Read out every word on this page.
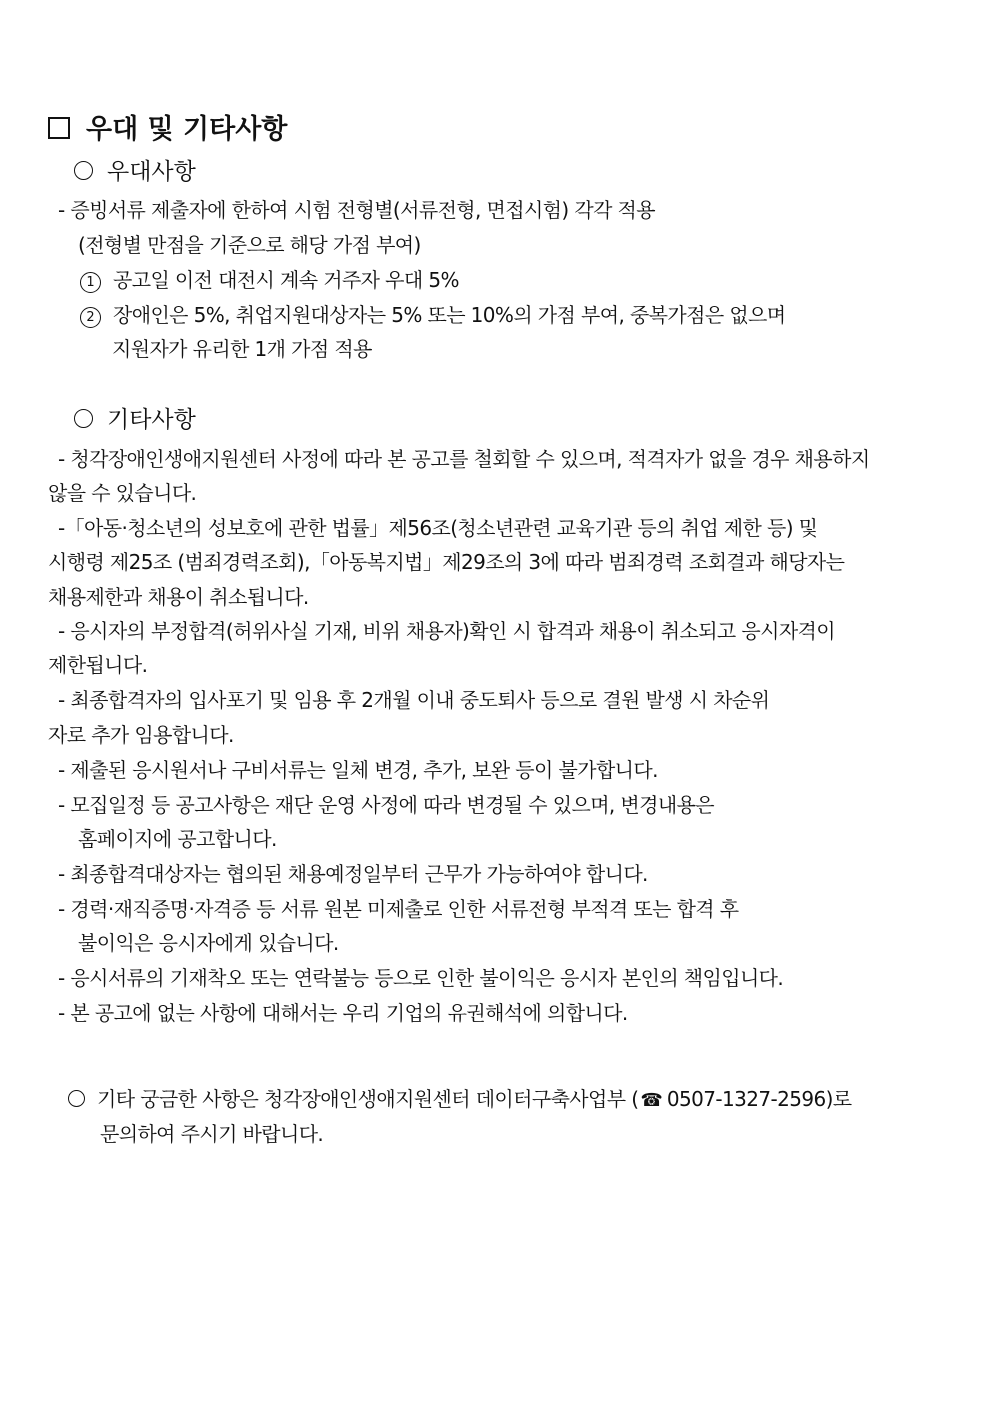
우대 및 기타사항
우대사항
- 증빙서류 제출자에 한하여 시험 전형별(서류전형, 면접시험) 각각 적용
(전형별 만점을 기준으로 해당 가점 부여)
1 공고일 이전 대전시 계속 거주자 우대 5%
2 장애인은 5%, 취업지원대상자는 5% 또는 10%의 가점 부여, 중복가점은 없으며
지원자가 유리한 1개 가점 적용
기타사항
- 청각장애인생애지원센터 사정에 따라 본 공고를 철회할 수 있으며, 적격자가 없을 경우 채용하지
않을 수 있습니다.
-「아동·청소년의 성보호에 관한 법률」제56조(청소년관련 교육기관 등의 취업 제한 등) 및
시행령 제25조 (범죄경력조회),「아동복지법」제29조의 3에 따라 범죄경력 조회결과 해당자는
채용제한과 채용이 취소됩니다.
- 응시자의 부정합격(허위사실 기재, 비위 채용자)확인 시 합격과 채용이 취소되고 응시자격이
제한됩니다.
- 최종합격자의 입사포기 및 임용 후 2개월 이내 중도퇴사 등으로 결원 발생 시 차순위
자로 추가 임용합니다.
- 제출된 응시원서나 구비서류는 일체 변경, 추가, 보완 등이 불가합니다.
- 모집일정 등 공고사항은 재단 운영 사정에 따라 변경될 수 있으며, 변경내용은
홈페이지에 공고합니다.
- 최종합격대상자는 협의된 채용예정일부터 근무가 가능하여야 합니다.
- 경력·재직증명·자격증 등 서류 원본 미제출로 인한 서류전형 부적격 또는 합격 후
불이익은 응시자에게 있습니다.
- 응시서류의 기재착오 또는 연락불능 등으로 인한 불이익은 응시자 본인의 책임입니다.
- 본 공고에 없는 사항에 대해서는 우리 기업의 유권해석에 의합니다.
기타 궁금한 사항은 청각장애인생애지원센터 데이터구축사업부 ( ☎ 0507-1327-2596)로
문의하여 주시기 바랍니다.
